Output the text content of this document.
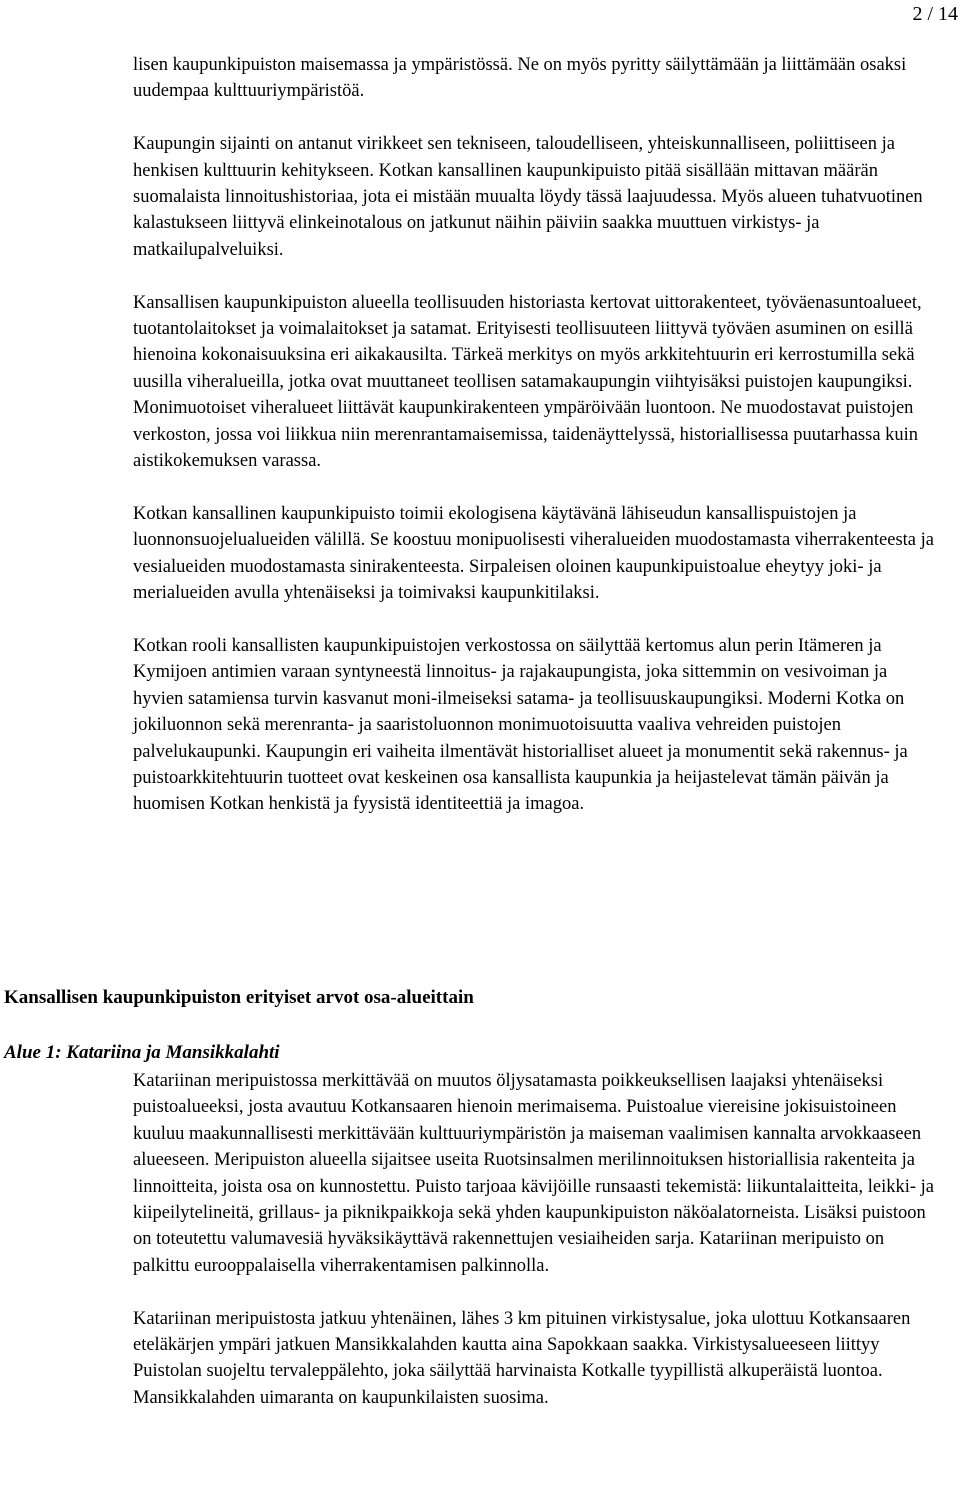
2 / 14

lisen kaupunkipuiston maisemassa ja ympäristössä. Ne on myös pyritty säilyttämään ja liittämään osaksi uudempaa kulttuuriympäristöä.

Kaupungin sijainti on antanut virikkeet sen tekniseen, taloudelliseen, yhteiskunnalliseen, poliittiseen ja henkisen kulttuurin kehitykseen. Kotkan kansallinen kaupunkipuisto pitää sisällään mittavan määrän suomalaista linnoitushistoriaa, jota ei mistään muualta löydy tässä laajuudessa. Myös alueen tuhatvuotinen kalastukseen liittyvä elinkeinotalous on jatkunut näihin päiviin saakka muuttuen virkistys- ja matkailupalveluiksi.

Kansallisen kaupunkipuiston alueella teollisuuden historiasta kertovat uittorakenteet, työväenasuntoalueet, tuotantolaitokset ja voimalaitokset ja satamat. Erityisesti teollisuuteen liittyvä työväen asuminen on esillä hienoina kokonaisuuksina eri aikakausilta. Tärkeä merkitys on myös arkkitehtuurin eri kerrostumilla sekä uusilla viheralueilla, jotka ovat muuttaneet teollisen satamakaupungin viihtyisäksi puistojen kaupungiksi. Monimuotoiset viheralueet liittävät kaupunkirakenteen ympäröivään luontoon. Ne muodostavat puistojen verkoston, jossa voi liikkua niin merenrantamaisemissa, taidenäyttelyssä, historiallisessa puutarhassa kuin aistikokemuksen varassa.

Kotkan kansallinen kaupunkipuisto toimii ekologisena käytävänä lähiseudun kansallispuistojen ja luonnonsuojelualueiden välillä. Se koostuu monipuolisesti viheralueiden muodostamasta viherrakenteesta ja vesialueiden muodostamasta sinirakenteesta. Sirpaleisen oloinen kaupunkipuistoalue eheytyy joki- ja merialueiden avulla yhtenäiseksi ja toimivaksi kaupunkitilaksi.

Kotkan rooli kansallisten kaupunkipuistojen verkostossa on säilyttää kertomus alun perin Itämeren ja Kymijoen antimien varaan syntyneestä linnoitus- ja rajakaupungista, joka sittemmin on vesivoiman ja hyvien satamiensa turvin kasvanut moni-ilmeiseksi satama- ja teollisuuskaupungiksi. Moderni Kotka on jokiluonnon sekä merenranta- ja saaristoluonnon monimuotoisuutta vaaliva vehreiden puistojen palvelukaupunki. Kaupungin eri vaiheita ilmentävät historialliset alueet ja monumentit sekä rakennus- ja puistoarkkitehtuurin tuotteet ovat keskeinen osa kansallista kaupunkia ja heijastelevat tämän päivän ja huomisen Kotkan henkistä ja fyysistä identiteettiä ja imagoa.

Kansallisen kaupunkipuiston erityiset arvot osa-alueittain
Alue 1: Katariina ja Mansikkalahti

Katariinan meripuistossa merkittävää on muutos öljysatamasta poikkeuksellisen laajaksi yhtenäiseksi puistoalueeksi, josta avautuu Kotkansaaren hienoin merimaisema. Puistoalue viereisine jokisuistoineen kuuluu maakunnallisesti merkittävään kulttuuriympäristön ja maiseman vaalimisen kannalta arvokkaaseen alueeseen. Meripuiston alueella sijaitsee useita Ruotsinsalmen merilinnoituksen historiallisia rakenteita ja linnoitteita, joista osa on kunnostettu. Puisto tarjoaa kävijöille runsaasti tekemistä: liikuntalaitteita, leikki- ja kiipeilytelineitä, grillaus- ja piknikpaikkoja sekä yhden kaupunkipuiston näköalatorneista. Lisäksi puistoon on toteutettu valumavesiä hyväksikäyttävä rakennettujen vesiaiheiden sarja. Katariinan meripuisto on palkittu eurooppalaisella viherrakentamisen palkinnolla.

Katariinan meripuistosta jatkuu yhtenäinen, lähes 3 km pituinen virkistysalue, joka ulottuu Kotkansaaren eteläkärjen ympäri jatkuen Mansikkalahden kautta aina Sapokkaan saakka. Virkistysalueeseen liittyy Puistolan suojeltu tervaleppälehto, joka säilyttää harvinaista Kotkalle tyypillistä alkuperäistä luontoa. Mansikkalahden uimaranta on kaupunkilaisten suosima.
